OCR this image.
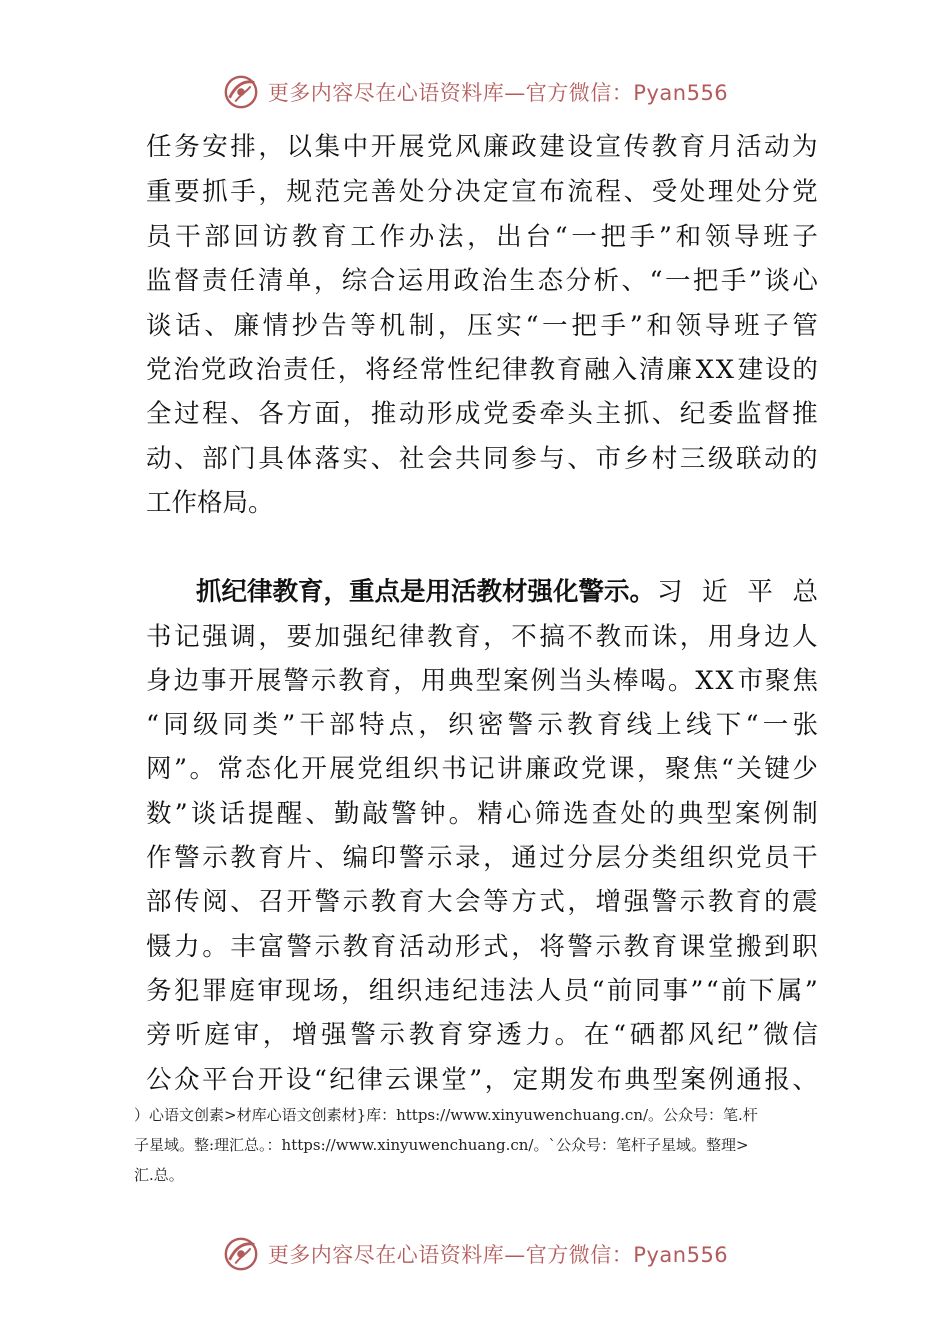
更多内容尽在心语资料库—官方微信：Pyan556
任 务 安 排 ， 以 集 中 开 展 党 风 廉 政 建 设 宣 传 教 育 月 活 动 为
重 要 抓 手 ， 规 范 完 善 处 分 决 定 宣 布 流 程 、 受 处 理 处 分 党
员 干 部 回 访 教 育 工 作 办 法 ， 出 台 “ 一 把 手 ” 和 领 导 班 子
监 督 责 任 清 单 ， 综 合 运 用 政 治 生 态 分 析 、 “ 一 把 手 ” 谈 心
谈 话 、 廉 情 抄 告 等 机 制 ， 压 实 “ 一 把 手 ” 和 领 导 班 子 管
党 治 党 政 治 责 任 ， 将 经 常 性 纪 律 教 育 融 入 清 廉 X X 建 设 的
全 过 程 、 各 方 面 ， 推 动 形 成 党 委 牵 头 主 抓 、 纪 委 监 督 推
动 、 部 门 具 体 落 实 、 社 会 共 同 参 与 、 市 乡 村 三 级 联 动 的
工作格局。
抓纪律教育，重点是用活教材强化警示。 习 近 平 总
书 记 强 调 ， 要 加 强 纪 律 教 育 ， 不 搞 不 教 而 诛 ， 用 身 边 人
身 边 事 开 展 警 示 教 育 ， 用 典 型 案 例 当 头 棒 喝 。 X X 市 聚 焦
“ 同 级 同 类 ” 干 部 特 点 ， 织 密 警 示 教 育 线 上 线 下 “ 一 张
网 ” 。 常 态 化 开 展 党 组 织 书 记 讲 廉 政 党 课 ， 聚 焦 “ 关 键 少
数 ” 谈 话 提 醒 、 勤 敲 警 钟 。 精 心 筛 选 查 处 的 典 型 案 例 制
作 警 示 教 育 片 、 编 印 警 示 录 ， 通 过 分 层 分 类 组 织 党 员 干
部 传 阅 、 召 开 警 示 教 育 大 会 等 方 式 ， 增 强 警 示 教 育 的 震
慑 力 。 丰 富 警 示 教 育 活 动 形 式 ， 将 警 示 教 育 课 堂 搬 到 职
务 犯 罪 庭 审 现 场 ， 组 织 违 纪 违 法 人 员 “ 前 同 事 ” “ 前 下 属 ”
旁 听 庭 审 ， 增 强 警 示 教 育 穿 透 力 。 在 “ 硒 都 风 纪 ” 微 信
公 众 平 台 开 设 “ 纪 律 云 课 堂 ” ， 定 期 发 布 典 型 案 例 通 报 、
）心语文创素>材库心语文创素材}库：https://www.xinyuwenchuang.cn/。公众号：笔.杆
子星域。整:理汇总。：https://www.xinyuwenchuang.cn/。`公众号：笔杆子星域。整理>
汇.总。
更多内容尽在心语资料库—官方微信：Pyan556
